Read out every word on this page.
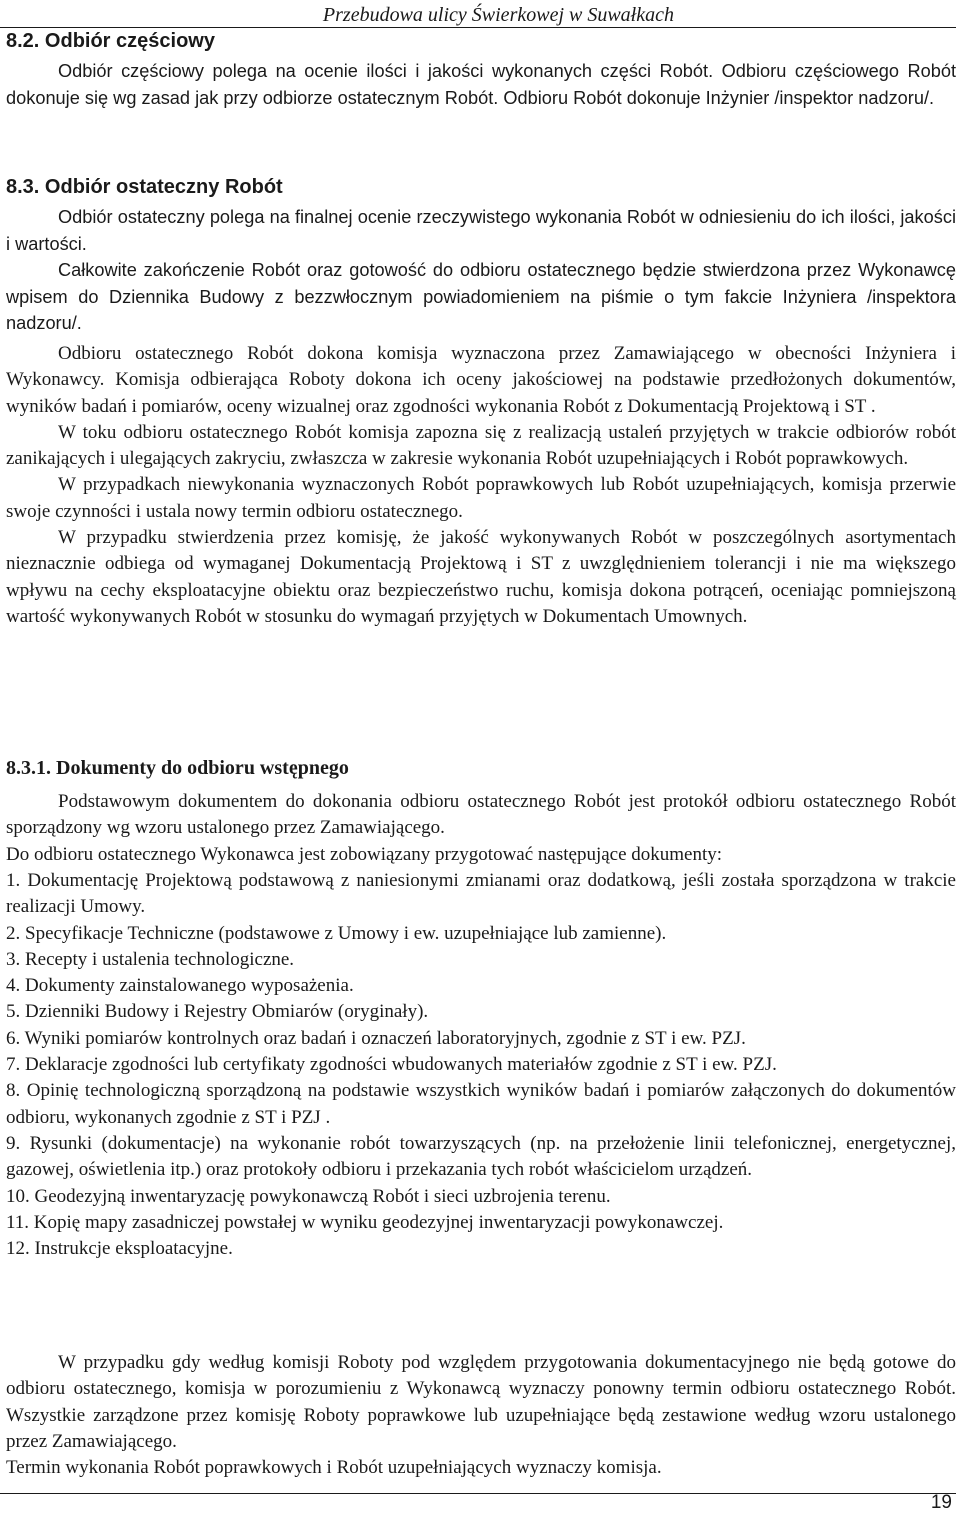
Przebudowa ulicy Świerkowej w Suwałkach
8.2. Odbiór częściowy

Odbiór częściowy polega na ocenie ilości i jakości wykonanych części Robót. Odbioru częściowego Robót dokonuje się wg zasad jak przy odbiorze ostatecznym Robót. Odbioru Robót dokonuje Inżynier /inspektor nadzoru/.

8.3. Odbiór ostateczny Robót

Odbiór ostateczny polega na finalnej ocenie rzeczywistego wykonania Robót w odniesieniu do ich ilości, jakości i wartości.

Całkowite zakończenie Robót oraz gotowość do odbioru ostatecznego będzie stwierdzona przez Wykonawcę wpisem do Dziennika Budowy z bezzwłocznym powiadomieniem na piśmie o tym fakcie Inżyniera /inspektora nadzoru/.

Odbioru ostatecznego Robót dokona komisja wyznaczona przez Zamawiającego w obecności Inżyniera i Wykonawcy. Komisja odbierająca Roboty dokona ich oceny jakościowej na podstawie przedłożonych dokumentów, wyników badań i pomiarów, oceny wizualnej oraz zgodności wykonania Robót z Dokumentacją Projektową i ST .

W toku odbioru ostatecznego Robót komisja zapozna się z realizacją ustaleń przyjętych w trakcie odbiorów robót zanikających i ulegających zakryciu, zwłaszcza w zakresie wykonania Robót uzupełniających i Robót poprawkowych.

W przypadkach niewykonania wyznaczonych Robót poprawkowych lub Robót uzupełniających, komisja przerwie swoje czynności i ustala nowy termin odbioru ostatecznego.

W przypadku stwierdzenia przez komisję, że jakość wykonywanych Robót w poszczególnych asortymentach nieznacznie odbiega od wymaganej Dokumentacją Projektową i ST z uwzględnieniem tolerancji i nie ma większego wpływu na cechy eksploatacyjne obiektu oraz bezpieczeństwo ruchu, komisja dokona potrąceń, oceniając pomniejszoną wartość wykonywanych Robót w stosunku do wymagań przyjętych w Dokumentach Umownych.

8.3.1. Dokumenty do odbioru wstępnego

Podstawowym dokumentem do dokonania odbioru ostatecznego Robót jest protokół odbioru ostatecznego Robót sporządzony wg wzoru ustalonego przez Zamawiającego.

Do odbioru ostatecznego Wykonawca jest zobowiązany przygotować następujące dokumenty:

1. Dokumentację Projektową podstawową z naniesionymi zmianami oraz dodatkową, jeśli została sporządzona w trakcie realizacji Umowy.

2. Specyfikacje Techniczne (podstawowe z Umowy i ew. uzupełniające lub zamienne).

3. Recepty i ustalenia technologiczne.

4. Dokumenty zainstalowanego wyposażenia.

5. Dzienniki Budowy i Rejestry Obmiarów (oryginały).

6. Wyniki pomiarów kontrolnych oraz badań i oznaczeń laboratoryjnych, zgodnie z ST i ew. PZJ.

7. Deklaracje zgodności lub certyfikaty zgodności wbudowanych materiałów zgodnie z ST i ew. PZJ.

8. Opinię technologiczną sporządzoną na podstawie wszystkich wyników badań i pomiarów załączonych do dokumentów odbioru, wykonanych zgodnie z ST i PZJ .

9. Rysunki (dokumentacje) na wykonanie robót towarzyszących (np. na przełożenie linii telefonicznej, energetycznej, gazowej, oświetlenia itp.) oraz protokoły odbioru i przekazania tych robót właścicielom urządzeń.

10. Geodezyjną inwentaryzację powykonawczą Robót i sieci uzbrojenia terenu.

11. Kopię mapy zasadniczej powstałej w wyniku geodezyjnej inwentaryzacji powykonawczej.

12. Instrukcje eksploatacyjne.

W przypadku gdy według komisji Roboty pod względem przygotowania dokumentacyjnego nie będą gotowe do odbioru ostatecznego, komisja w porozumieniu z Wykonawcą wyznaczy ponowny termin odbioru ostatecznego Robót. Wszystkie zarządzone przez komisję Roboty poprawkowe lub uzupełniające będą zestawione według wzoru ustalonego przez Zamawiającego.

Termin wykonania Robót poprawkowych i Robót uzupełniających wyznaczy komisja.

19
